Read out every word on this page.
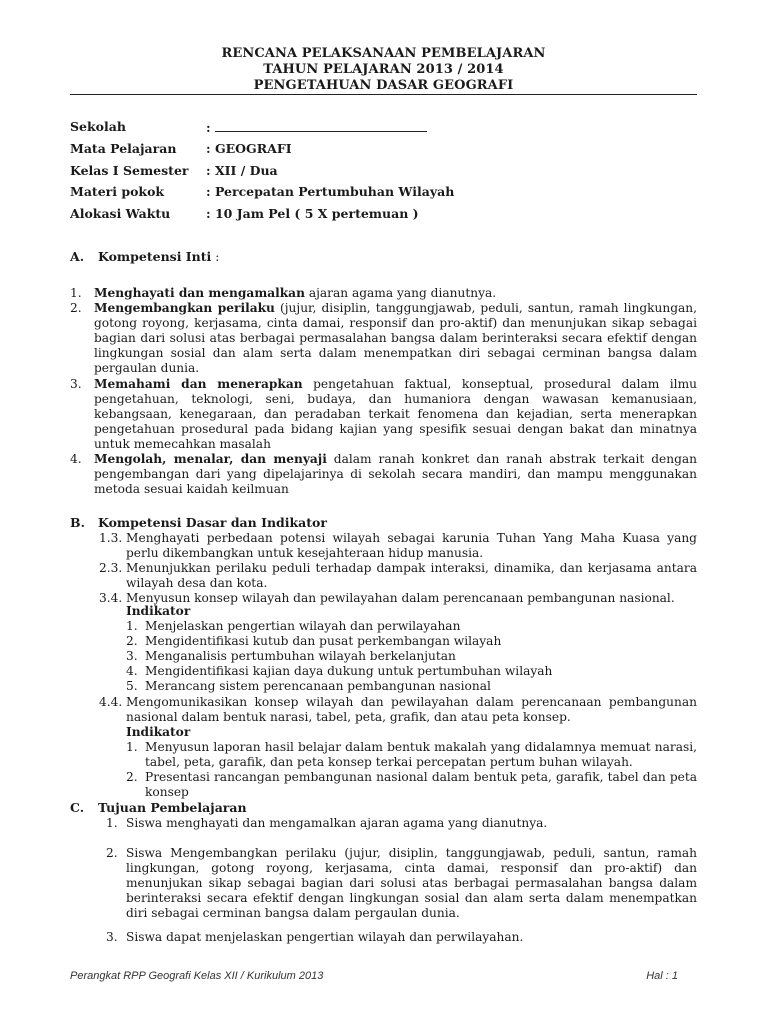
RENCANA PELAKSANAAN PEMBELAJARAN
TAHUN PELAJARAN 2013 / 2014
PENGETAHUAN DASAR GEOGRAFI
Sekolah	:
Mata Pelajaran : GEOGRAFI
Kelas I Semester : XII / Dua
Materi pokok	: Percepatan Pertumbuhan Wilayah
Alokasi Waktu	: 10 Jam Pel ( 5 X pertemuan )
A. Kompetensi Inti :
1. Menghayati dan mengamalkan ajaran agama yang dianutnya.
2. Mengembangkan perilaku (jujur, disiplin, tanggungjawab, peduli, santun, ramah lingkungan, gotong royong, kerjasama, cinta damai, responsif dan pro-aktif) dan menunjukan sikap sebagai bagian dari solusi atas berbagai permasalahan bangsa dalam berinteraksi secara efektif dengan lingkungan sosial dan alam serta dalam menempatkan diri sebagai cerminan bangsa dalam pergaulan dunia.
3. Memahami dan menerapkan pengetahuan faktual, konseptual, prosedural dalam ilmu pengetahuan, teknologi, seni, budaya, dan humaniora dengan wawasan kemanusiaan, kebangsaan, kenegaraan, dan peradaban terkait fenomena dan kejadian, serta menerapkan pengetahuan prosedural pada bidang kajian yang spesifik sesuai dengan bakat dan minatnya untuk memecahkan masalah
4. Mengolah, menalar, dan menyaji dalam ranah konkret dan ranah abstrak terkait dengan pengembangan dari yang dipelajarinya di sekolah secara mandiri, dan mampu menggunakan metoda sesuai kaidah keilmuan
B. Kompetensi Dasar dan Indikator
1.3. Menghayati perbedaan potensi wilayah sebagai karunia Tuhan Yang Maha Kuasa yang perlu dikembangkan untuk kesejahteraan hidup manusia.
2.3. Menunjukkan perilaku peduli terhadap dampak interaksi, dinamika, dan kerjasama antara wilayah desa dan kota.
3.4. Menyusun konsep wilayah dan pewilayahan dalam perencanaan pembangunan nasional.
Indikator
1. Menjelaskan pengertian wilayah dan perwilayahan
2. Mengidentifikasi kutub dan pusat perkembangan wilayah
3. Menganalisis pertumbuhan wilayah berkelanjutan
4. Mengidentifikasi kajian daya dukung untuk pertumbuhan wilayah
5. Merancang sistem perencanaan pembangunan nasional
4.4. Mengomunikasikan konsep wilayah dan pewilayahan dalam perencanaan pembangunan nasional dalam bentuk narasi, tabel, peta, grafik, dan atau peta konsep.
Indikator
1. Menyusun laporan hasil belajar dalam bentuk makalah yang didalamnya memuat narasi, tabel, peta, garafik, dan peta konsep terkai percepatan pertum buhan wilayah.
2. Presentasi rancangan pembangunan nasional dalam bentuk peta, garafik, tabel dan peta konsep
C. Tujuan Pembelajaran
1. Siswa menghayati dan mengamalkan ajaran agama yang dianutnya.
2. Siswa Mengembangkan perilaku (jujur, disiplin, tanggungjawab, peduli, santun, ramah lingkungan, gotong royong, kerjasama, cinta damai, responsif dan pro-aktif) dan menunjukan sikap sebagai bagian dari solusi atas berbagai permasalahan bangsa dalam berinteraksi secara efektif dengan lingkungan sosial dan alam serta dalam menempatkan diri sebagai cerminan bangsa dalam pergaulan dunia.
3. Siswa dapat menjelaskan pengertian wilayah dan perwilayahan.
Perangkat RPP Geografi Kelas XII / Kurikulum 2013	Hal : 1
